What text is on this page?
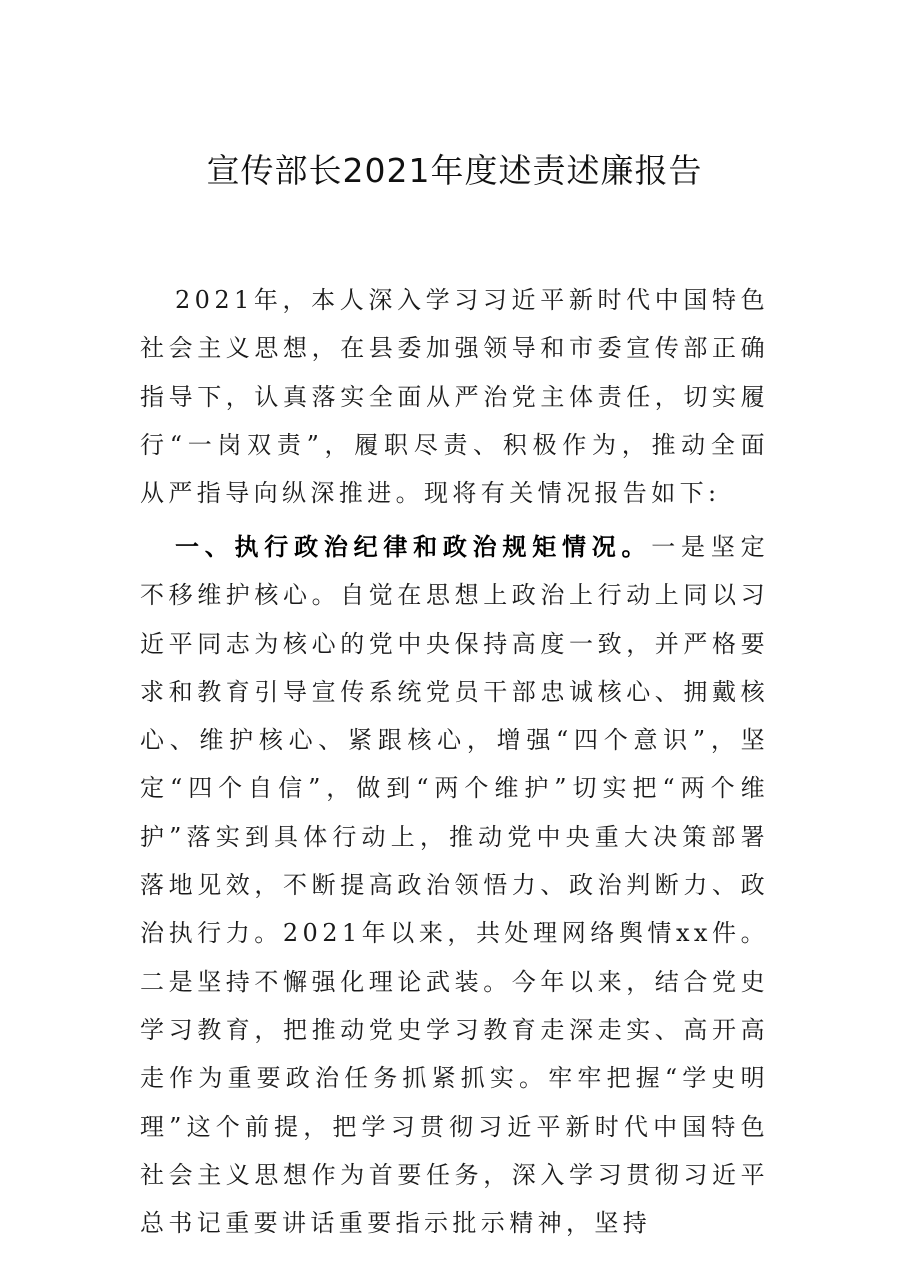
宣传部长2021年度述责述廉报告

2021年，本人深入学习习近平新时代中国特色社会主义思想，在县委加强领导和市委宣传部正确指导下，认真落实全面从严治党主体责任，切实履行“一岗双责”，履职尽责、积极作为，推动全面从严指导向纵深推进。现将有关情况报告如下:

一、执行政治纪律和政治规矩情况。一是坚定不移维护核心。自觉在思想上政治上行动上同以习近平同志为核心的党中央保持高度一致，并严格要求和教育引导宣传系统党员干部忠诚核心、拥戴核心、维护核心、紧跟核心，增强“四个意识”，坚定“四个自信”，做到“两个维护”切实把“两个维护”落实到具体行动上，推动党中央重大决策部署落地见效，不断提高政治领悟力、政治判断力、政治执行力。2021年以来，共处理网络舆情xx件。二是坚持不懈强化理论武装。今年以来，结合党史学习教育，把推动党史学习教育走深走实、高开高走作为重要政治任务抓紧抓实。牢牢把握“学史明理”这个前提，把学习贯彻习近平新时代中国特色社会主义思想作为首要任务，深入学习贯彻习近平总书记重要讲话重要指示批示精神，坚持
